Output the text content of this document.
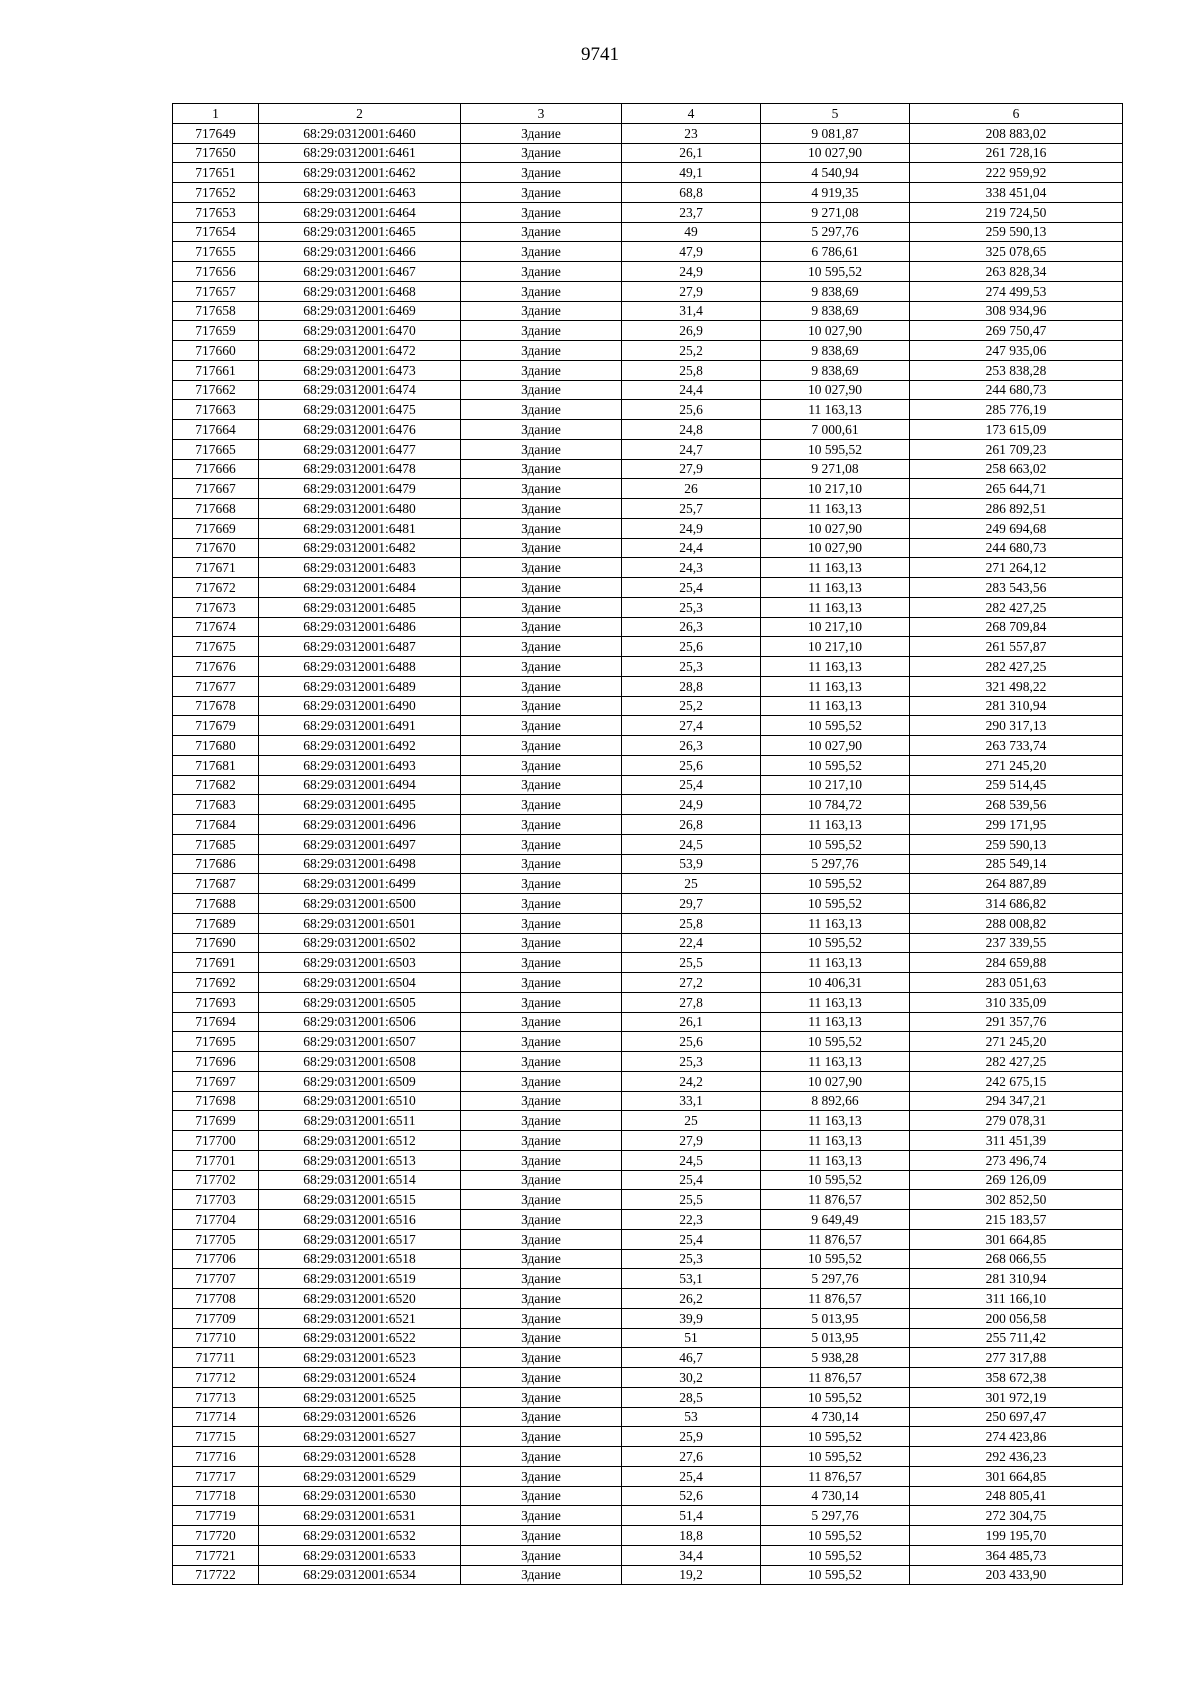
9741
1	2	3	4	5	6
717649	68:29:0312001:6460	Здание	23	9 081,87	208 883,02
717650	68:29:0312001:6461	Здание	26,1	10 027,90	261 728,16
717651	68:29:0312001:6462	Здание	49,1	4 540,94	222 959,92
717652	68:29:0312001:6463	Здание	68,8	4 919,35	338 451,04
717653	68:29:0312001:6464	Здание	23,7	9 271,08	219 724,50
717654	68:29:0312001:6465	Здание	49	5 297,76	259 590,13
717655	68:29:0312001:6466	Здание	47,9	6 786,61	325 078,65
717656	68:29:0312001:6467	Здание	24,9	10 595,52	263 828,34
717657	68:29:0312001:6468	Здание	27,9	9 838,69	274 499,53
717658	68:29:0312001:6469	Здание	31,4	9 838,69	308 934,96
717659	68:29:0312001:6470	Здание	26,9	10 027,90	269 750,47
717660	68:29:0312001:6472	Здание	25,2	9 838,69	247 935,06
717661	68:29:0312001:6473	Здание	25,8	9 838,69	253 838,28
717662	68:29:0312001:6474	Здание	24,4	10 027,90	244 680,73
717663	68:29:0312001:6475	Здание	25,6	11 163,13	285 776,19
717664	68:29:0312001:6476	Здание	24,8	7 000,61	173 615,09
717665	68:29:0312001:6477	Здание	24,7	10 595,52	261 709,23
717666	68:29:0312001:6478	Здание	27,9	9 271,08	258 663,02
717667	68:29:0312001:6479	Здание	26	10 217,10	265 644,71
717668	68:29:0312001:6480	Здание	25,7	11 163,13	286 892,51
717669	68:29:0312001:6481	Здание	24,9	10 027,90	249 694,68
717670	68:29:0312001:6482	Здание	24,4	10 027,90	244 680,73
717671	68:29:0312001:6483	Здание	24,3	11 163,13	271 264,12
717672	68:29:0312001:6484	Здание	25,4	11 163,13	283 543,56
717673	68:29:0312001:6485	Здание	25,3	11 163,13	282 427,25
717674	68:29:0312001:6486	Здание	26,3	10 217,10	268 709,84
717675	68:29:0312001:6487	Здание	25,6	10 217,10	261 557,87
717676	68:29:0312001:6488	Здание	25,3	11 163,13	282 427,25
717677	68:29:0312001:6489	Здание	28,8	11 163,13	321 498,22
717678	68:29:0312001:6490	Здание	25,2	11 163,13	281 310,94
717679	68:29:0312001:6491	Здание	27,4	10 595,52	290 317,13
717680	68:29:0312001:6492	Здание	26,3	10 027,90	263 733,74
717681	68:29:0312001:6493	Здание	25,6	10 595,52	271 245,20
717682	68:29:0312001:6494	Здание	25,4	10 217,10	259 514,45
717683	68:29:0312001:6495	Здание	24,9	10 784,72	268 539,56
717684	68:29:0312001:6496	Здание	26,8	11 163,13	299 171,95
717685	68:29:0312001:6497	Здание	24,5	10 595,52	259 590,13
717686	68:29:0312001:6498	Здание	53,9	5 297,76	285 549,14
717687	68:29:0312001:6499	Здание	25	10 595,52	264 887,89
717688	68:29:0312001:6500	Здание	29,7	10 595,52	314 686,82
717689	68:29:0312001:6501	Здание	25,8	11 163,13	288 008,82
717690	68:29:0312001:6502	Здание	22,4	10 595,52	237 339,55
717691	68:29:0312001:6503	Здание	25,5	11 163,13	284 659,88
717692	68:29:0312001:6504	Здание	27,2	10 406,31	283 051,63
717693	68:29:0312001:6505	Здание	27,8	11 163,13	310 335,09
717694	68:29:0312001:6506	Здание	26,1	11 163,13	291 357,76
717695	68:29:0312001:6507	Здание	25,6	10 595,52	271 245,20
717696	68:29:0312001:6508	Здание	25,3	11 163,13	282 427,25
717697	68:29:0312001:6509	Здание	24,2	10 027,90	242 675,15
717698	68:29:0312001:6510	Здание	33,1	8 892,66	294 347,21
717699	68:29:0312001:6511	Здание	25	11 163,13	279 078,31
717700	68:29:0312001:6512	Здание	27,9	11 163,13	311 451,39
717701	68:29:0312001:6513	Здание	24,5	11 163,13	273 496,74
717702	68:29:0312001:6514	Здание	25,4	10 595,52	269 126,09
717703	68:29:0312001:6515	Здание	25,5	11 876,57	302 852,50
717704	68:29:0312001:6516	Здание	22,3	9 649,49	215 183,57
717705	68:29:0312001:6517	Здание	25,4	11 876,57	301 664,85
717706	68:29:0312001:6518	Здание	25,3	10 595,52	268 066,55
717707	68:29:0312001:6519	Здание	53,1	5 297,76	281 310,94
717708	68:29:0312001:6520	Здание	26,2	11 876,57	311 166,10
717709	68:29:0312001:6521	Здание	39,9	5 013,95	200 056,58
717710	68:29:0312001:6522	Здание	51	5 013,95	255 711,42
717711	68:29:0312001:6523	Здание	46,7	5 938,28	277 317,88
717712	68:29:0312001:6524	Здание	30,2	11 876,57	358 672,38
717713	68:29:0312001:6525	Здание	28,5	10 595,52	301 972,19
717714	68:29:0312001:6526	Здание	53	4 730,14	250 697,47
717715	68:29:0312001:6527	Здание	25,9	10 595,52	274 423,86
717716	68:29:0312001:6528	Здание	27,6	10 595,52	292 436,23
717717	68:29:0312001:6529	Здание	25,4	11 876,57	301 664,85
717718	68:29:0312001:6530	Здание	52,6	4 730,14	248 805,41
717719	68:29:0312001:6531	Здание	51,4	5 297,76	272 304,75
717720	68:29:0312001:6532	Здание	18,8	10 595,52	199 195,70
717721	68:29:0312001:6533	Здание	34,4	10 595,52	364 485,73
717722	68:29:0312001:6534	Здание	19,2	10 595,52	203 433,90
